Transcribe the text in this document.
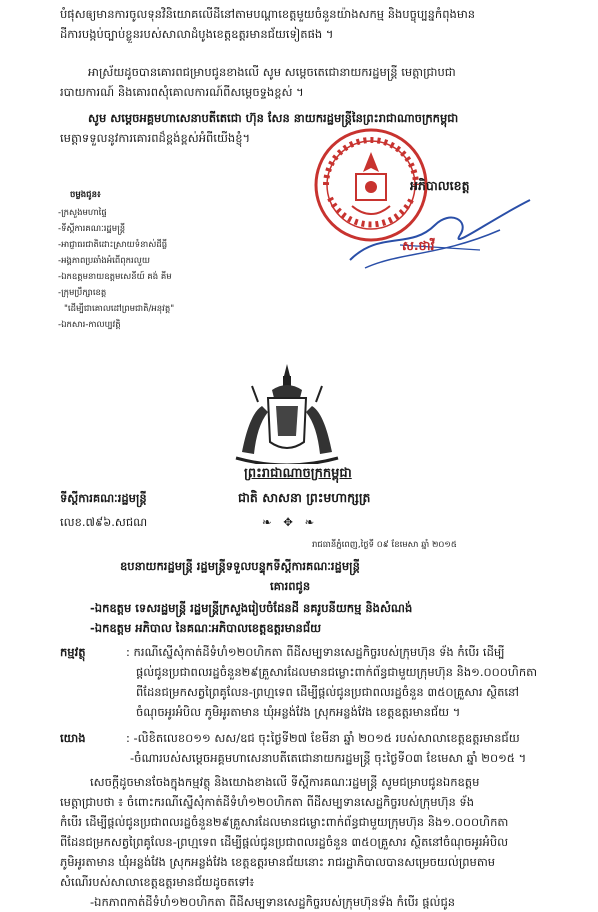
បំផុសឲ្យមានការចូលទុនវិនិយោគលើដីនៅតាមបណ្តាខេត្តមួយចំនួនយ៉ាងសកម្ម និងបច្ចុប្បន្នកំពុងមាន
ដីការបង្កប់ច្បាប់ខ្លួនរបស់សាលាដំបូងខេត្តឧត្តរមានជ័យទៀតផង ។
អាស្រ័យដូចបានគោរពជម្រាបជូនខាងលើ សូម សម្តេចតេជោនាយករដ្ឋមន្ត្រី មេត្តាជ្រាបជា
របាយការណ៍ និងគោរពសុំគោលការណ៍ពីសម្តេចទ្ទងខ្ពស់ ។
សូម សម្តេចអគ្គមហាសេនាបតីតេជោ ហ៊ុន សែន នាយករដ្ឋមន្ត្រីនៃព្រះរាជាណាចក្រកម្ពុជា
មេត្តាទទួលនូវការគោរពដ៏ខ្ពង់ខ្ពស់អំពីយើងខ្ញុំ។
អភិបាលខេត្ត
ស.ថាវី
ចម្លងជូន៖
-ក្រសួងមហាផ្ទៃ
-ទីស្តីការគណៈរដ្ឋមន្ត្រី
-អាជ្ញាធរជាតិដោះស្រាយទំនាស់ដីធ្លី
-អង្គភាពប្រឆាំងអំពើពុករលួយ
-ឯកឧត្តមនាយឧត្តមសេនីយ៍ គង់ គីម
-ក្រុមប្រឹក្សាខេត្ត
"ដើម្បីជាគោលដៅព្រមជាតិ/អនុវត្ត"
-ឯកសារ-កាលប្បវត្តិ
ព្រះរាជាណាចក្រកម្ពុជា
ទីស្តីការគណៈរដ្ឋមន្ត្រី	ជាតិ សាសនា ព្រះមហាក្សត្រ
❧ ✥ ❧
លេខ.៧៩៦.សជណ
រាជធានីភ្នំពេញ,ថ្ងៃទី ០៩ ខែមេសា ឆ្នាំ ២០១៥
ឧបនាយករដ្ឋមន្ត្រី រដ្ឋមន្ត្រីទទួលបន្ទុកទីស្តីការគណៈរដ្ឋមន្ត្រី
គោរពជូន
-ឯកឧត្តម ទេសរដ្ឋមន្ត្រី រដ្ឋមន្ត្រីក្រសួងរៀបចំដែនដី នគរូបនីយកម្ម និងសំណង់
-ឯកឧត្តម អភិបាល នៃគណៈអភិបាលខេត្តឧត្តរមានជ័យ
កម្មវត្ថុ	: ករណីស្នើសុំកាត់ដីទំហំ១២០ហិកតា ពីដីសម្បទានសេដ្ឋកិច្ចរបស់ក្រុមហ៊ុន ទ័ង កំបើរ ដើម្បី
ផ្តល់ជូនប្រជាពលរដ្ឋចំនួន២៩គ្រួសារដែលមានជម្លោះពាក់ព័ន្ធជាមួយក្រុមហ៊ុន និង១.០០០ហិកតា
ពីដែនជម្រកសត្វព្រៃគូលែន-ព្រហ្មទេព ដើម្បីផ្តល់ជូនប្រជាពលរដ្ឋចំនួន ៣៥០គ្រួសារ ស្ថិតនៅ
ចំណុចអូរអំបិល ភូមិអូរតាមាន ឃុំអន្លង់វែង ស្រុកអន្លង់វែង ខេត្តឧត្តរមានជ័យ ។
យោង	: -លិខិតលេខ០១១ សស/ឧជ ចុះថ្ងៃទី២៧ ខែមីនា ឆ្នាំ ២០១៥ របស់សាលាខេត្តឧត្តរមានជ័យ
-ចំណារបស់សម្តេចអគ្គមហាសេនាបតីតេជោនាយករដ្ឋមន្ត្រី ចុះថ្ងៃទី០៣ ខែមេសា ឆ្នាំ ២០១៥ ។
សេចក្តីដូចមានចែងក្នុងកម្មវត្ថុ និងយោងខាងលើ ទីស្តីការគណៈរដ្ឋមន្ត្រី សូមជម្រាបជូនឯកឧត្តម
មេត្តាជ្រាបថា ៖ ចំពោះករណីស្នើសុំកាត់ដីទំហំ១២០ហិកតា ពីដីសម្បទានសេដ្ឋកិច្ចរបស់ក្រុមហ៊ុន ទ័ង
កំបើរ ដើម្បីផ្តល់ជូនប្រជាពលរដ្ឋចំនួន២៩គ្រួសារដែលមានជម្លោះពាក់ព័ន្ធជាមួយក្រុមហ៊ុន និង១.០០០ហិកតា
ពីដែនជម្រកសត្វព្រៃគូលែន-ព្រហ្មទេព ដើម្បីផ្តល់ជូនប្រជាពលរដ្ឋចំនួន ៣៥០គ្រួសារ ស្ថិតនៅចំណុចអូរអំបិល
ភូមិអូរតាមាន ឃុំអន្លង់វែង ស្រុកអន្លង់វែង ខេត្តឧត្តរមានជ័យនោះ រាជរដ្ឋាភិបាលបានសម្រេចយល់ព្រមតាម
សំណើរបស់សាលាខេត្តឧត្តរមានជ័យដូចតទៅ៖
-ឯកភាពកាត់ដីទំហំ១២០ហិកតា ពីដីសម្បទានសេដ្ឋកិច្ចរបស់ក្រុមហ៊ុនទ័ង កំបើរ ផ្តល់ជូន
